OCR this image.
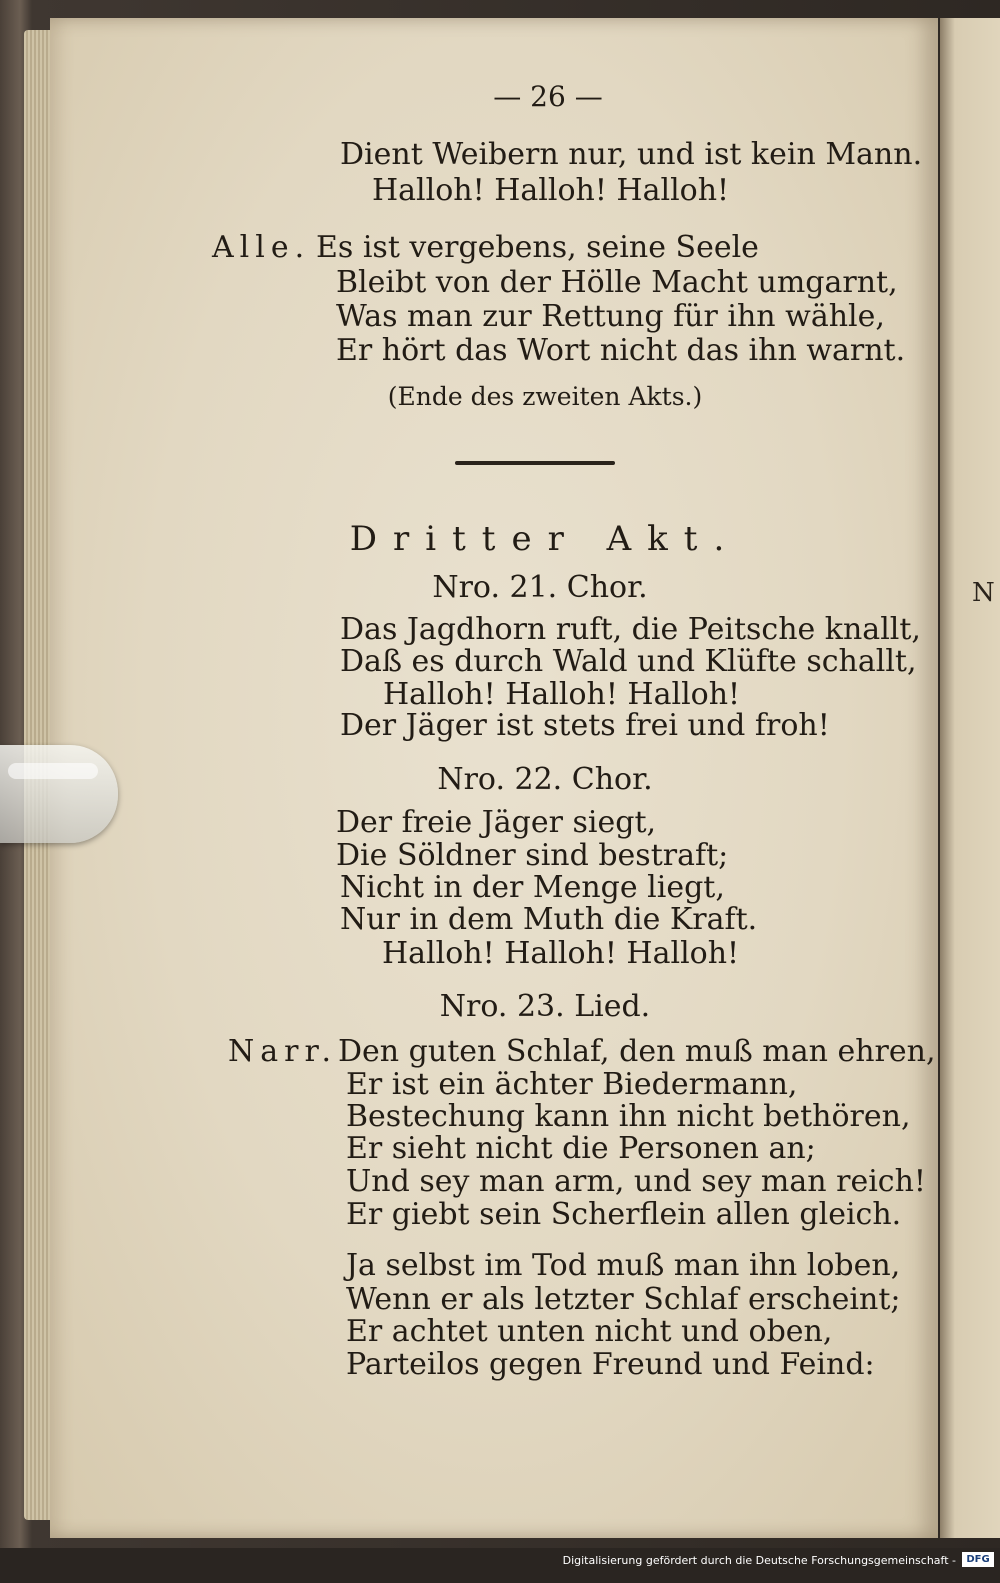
N
— 26 —
Dient Weibern nur, und ist kein Mann.
Halloh! Halloh! Halloh!
Alle. Es ist vergebens, seine Seele
Bleibt von der Hölle Macht umgarnt,
Was man zur Rettung für ihn wähle,
Er hört das Wort nicht das ihn warnt.
(Ende des zweiten Akts.)
Dritter Akt.
Nro. 21. Chor.
Das Jagdhorn ruft, die Peitsche knallt,
Daß es durch Wald und Klüfte schallt,
Halloh! Halloh! Halloh!
Der Jäger ist stets frei und froh!
Nro. 22. Chor.
Der freie Jäger siegt,
Die Söldner sind bestraft;
Nicht in der Menge liegt,
Nur in dem Muth die Kraft.
Halloh! Halloh! Halloh!
Nro. 23. Lied.
Narr. Den guten Schlaf, den muß man ehren,
Er ist ein ächter Biedermann,
Bestechung kann ihn nicht bethören,
Er sieht nicht die Personen an;
Und sey man arm, und sey man reich!
Er giebt sein Scherflein allen gleich.
Ja selbst im Tod muß man ihn loben,
Wenn er als letzter Schlaf erscheint;
Er achtet unten nicht und oben,
Parteilos gegen Freund und Feind:
Digitalisierung gefördert durch die Deutsche Forschungsgemeinschaft -	DFG
